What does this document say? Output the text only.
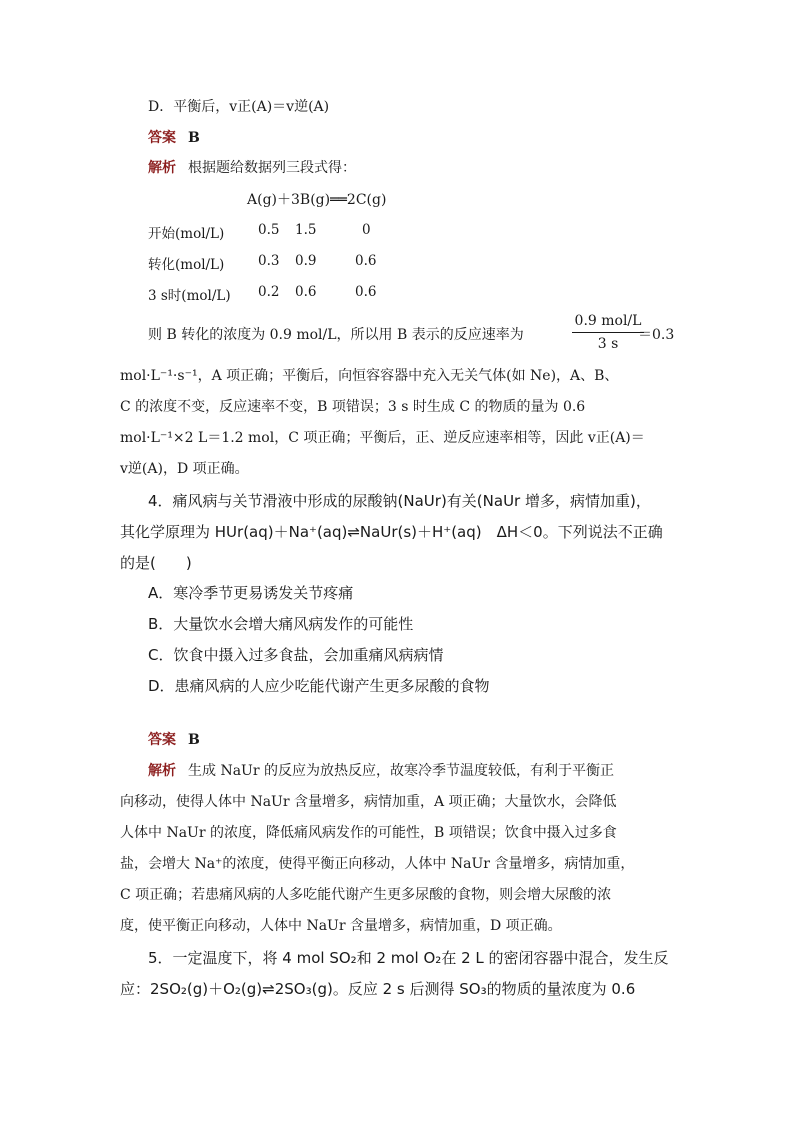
D．平衡后，v正(A)＝v逆(A)
答案 B
解析 根据题给数据列三段式得：
A(g)＋3B(g)══2C(g)
开始(mol/L) 0.5 1.5	0
转化(mol/L) 0.3 0.9	0.6
3 s时(mol/L) 0.2 0.6	0.6
则 B 转化的浓度为 0.9 mol/L，所以用 B 表示的反应速率为
0.9 mol/L
3 s
＝0.3
mol·L⁻¹·s⁻¹，A 项正确；平衡后，向恒容容器中充入无关气体(如 Ne)，A、B、
C 的浓度不变，反应速率不变，B 项错误；3 s 时生成 C 的物质的量为 0.6
mol·L⁻¹×2 L＝1.2 mol，C 项正确；平衡后，正、逆反应速率相等，因此 v正(A)＝
v逆(A)，D 项正确。
4．痛风病与关节滑液中形成的尿酸钠(NaUr)有关(NaUr 增多，病情加重)，
其化学原理为 HUr(aq)＋Na⁺(aq)⇌NaUr(s)＋H⁺(aq)　ΔH＜0。下列说法不正确
的是(　　)
A．寒冷季节更易诱发关节疼痛
B．大量饮水会增大痛风病发作的可能性
C．饮食中摄入过多食盐，会加重痛风病病情
D．患痛风病的人应少吃能代谢产生更多尿酸的食物
答案 B
解析 生成 NaUr 的反应为放热反应，故寒冷季节温度较低，有利于平衡正
向移动，使得人体中 NaUr 含量增多，病情加重，A 项正确；大量饮水，会降低
人体中 NaUr 的浓度，降低痛风病发作的可能性，B 项错误；饮食中摄入过多食
盐，会增大 Na⁺的浓度，使得平衡正向移动，人体中 NaUr 含量增多，病情加重，
C 项正确；若患痛风病的人多吃能代谢产生更多尿酸的食物，则会增大尿酸的浓
度，使平衡正向移动，人体中 NaUr 含量增多，病情加重，D 项正确。
5．一定温度下，将 4 mol SO₂和 2 mol O₂在 2 L 的密闭容器中混合，发生反
应：2SO₂(g)＋O₂(g)⇌2SO₃(g)。反应 2 s 后测得 SO₃的物质的量浓度为 0.6
